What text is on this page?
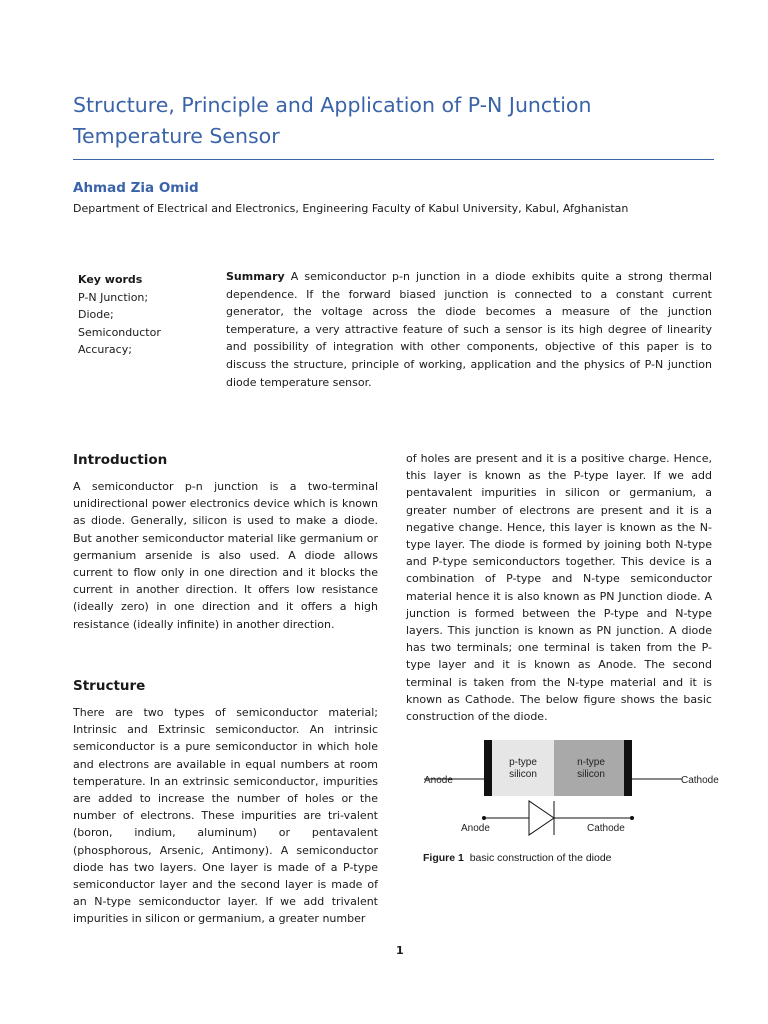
Structure, Principle and Application of P-N Junction Temperature Sensor
Ahmad Zia Omid
Department of Electrical and Electronics, Engineering Faculty of Kabul University, Kabul, Afghanistan
Key words
P-N Junction;
Diode;
Semiconductor
Accuracy;

Summary A semiconductor p-n junction in a diode exhibits quite a strong thermal dependence. If the forward biased junction is connected to a constant current generator, the voltage across the diode becomes a measure of the junction temperature, a very attractive feature of such a sensor is its high degree of linearity and possibility of integration with other components, objective of this paper is to discuss the structure, principle of working, application and the physics of P-N junction diode temperature sensor.

Introduction

A semiconductor p-n junction is a two-terminal unidirectional power electronics device which is known as diode. Generally, silicon is used to make a diode. But another semiconductor material like germanium or germanium arsenide is also used. A diode allows current to flow only in one direction and it blocks the current in another direction. It offers low resistance (ideally zero) in one direction and it offers a high resistance (ideally infinite) in another direction.

Structure

There are two types of semiconductor material; Intrinsic and Extrinsic semiconductor. An intrinsic semiconductor is a pure semiconductor in which hole and electrons are available in equal numbers at room temperature. In an extrinsic semiconductor, impurities are added to increase the number of holes or the number of electrons. These impurities are tri-valent (boron, indium, aluminum) or pentavalent (phosphorous, Arsenic, Antimony). A semiconductor diode has two layers. One layer is made of a P-type semiconductor layer and the second layer is made of an N-type semiconductor layer. If we add trivalent impurities in silicon or germanium, a greater number

of holes are present and it is a positive charge. Hence, this layer is known as the P-type layer. If we add pentavalent impurities in silicon or germanium, a greater number of electrons are present and it is a negative change. Hence, this layer is known as the N-type layer. The diode is formed by joining both N-type and P-type semiconductors together. This device is a combination of P-type and N-type semiconductor material hence it is also known as PN Junction diode. A junction is formed between the P-type and N-type layers. This junction is known as PN junction. A diode has two terminals; one terminal is taken from the P-type layer and it is known as Anode. The second terminal is taken from the N-type material and it is known as Cathode. The below figure shows the basic construction of the diode.

p-type
silicon
n-type
silicon
Anode	Cathode
Anode	Cathode
Figure 1 basic construction of the diode
1
